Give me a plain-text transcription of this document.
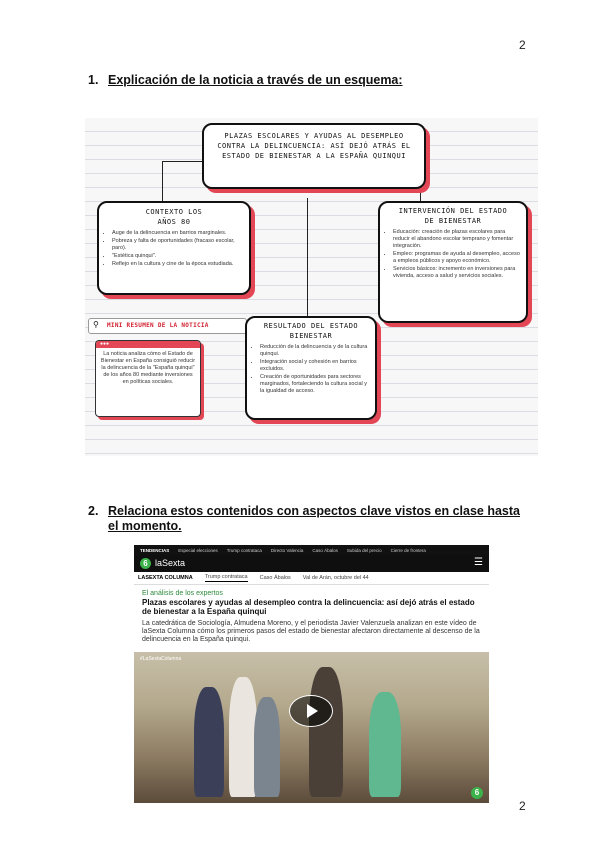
2
1. Explicación de la noticia a través de un esquema:
PLAZAS ESCOLARES Y AYUDAS AL DESEMPLEO CONTRA LA DELINCUENCIA: ASÍ DEJÓ ATRÁS EL ESTADO DE BIENESTAR A LA ESPAÑA QUINQUI
CONTEXTO LOS AÑOS 80
• Auge de la delincuencia en barrios marginales.
• Pobreza y falta de oportunidades (fracaso escolar, paro).
• "Estética quinqui".
• Reflejo en la cultura y cine de la época estudiada.
INTERVENCIÓN DEL ESTADO DE BIENESTAR
• Educación: creación de plazas escolares para reducir el abandono escolar temprano y fomentar integración.
• Empleo: programas de ayuda al desempleo, acceso a empleos públicos y apoyo económico.
• Servicios básicos: incremento en inversiones para vivienda, acceso a salud y servicios sociales.
⚲ MINI RESUMEN DE LA NOTICIA
●●●
La noticia analiza cómo el Estado de Bienestar en España consiguió reducir la delincuencia de la "España quinqui" de los años 80 mediante inversiones en políticas sociales.
RESULTADO DEL ESTADO BIENESTAR
• Reducción de la delincuencia y de la cultura quinqui.
• Integración social y cohesión en barrios excluidos.
• Creación de oportunidades para sectores marginados, fortaleciendo la cultura social y la igualdad de acceso.
2. Relaciona estos contenidos con aspectos clave vistos en clase hasta el momento.
TENDENCIAS Especial elecciones Trump contrataca Directo Valencia Caso Ábalos Subida del precio Cierre de frontera
6 laSexta	☰
LASEXTA COLUMNA Trump contrataca Caso Ábalos Val de Arán, octubre del 44
El análisis de los expertos
Plazas escolares y ayudas al desempleo contra la delincuencia: así dejó atrás el estado de bienestar a la España quinqui
La catedrática de Sociología, Almudena Moreno, y el periodista Javier Valenzuela analizan en este vídeo de laSexta Columna cómo los primeros pasos del estado de bienestar afectaron directamente al descenso de la delincuencia en la España quinqui.
#LaSextaColumna
6
2
